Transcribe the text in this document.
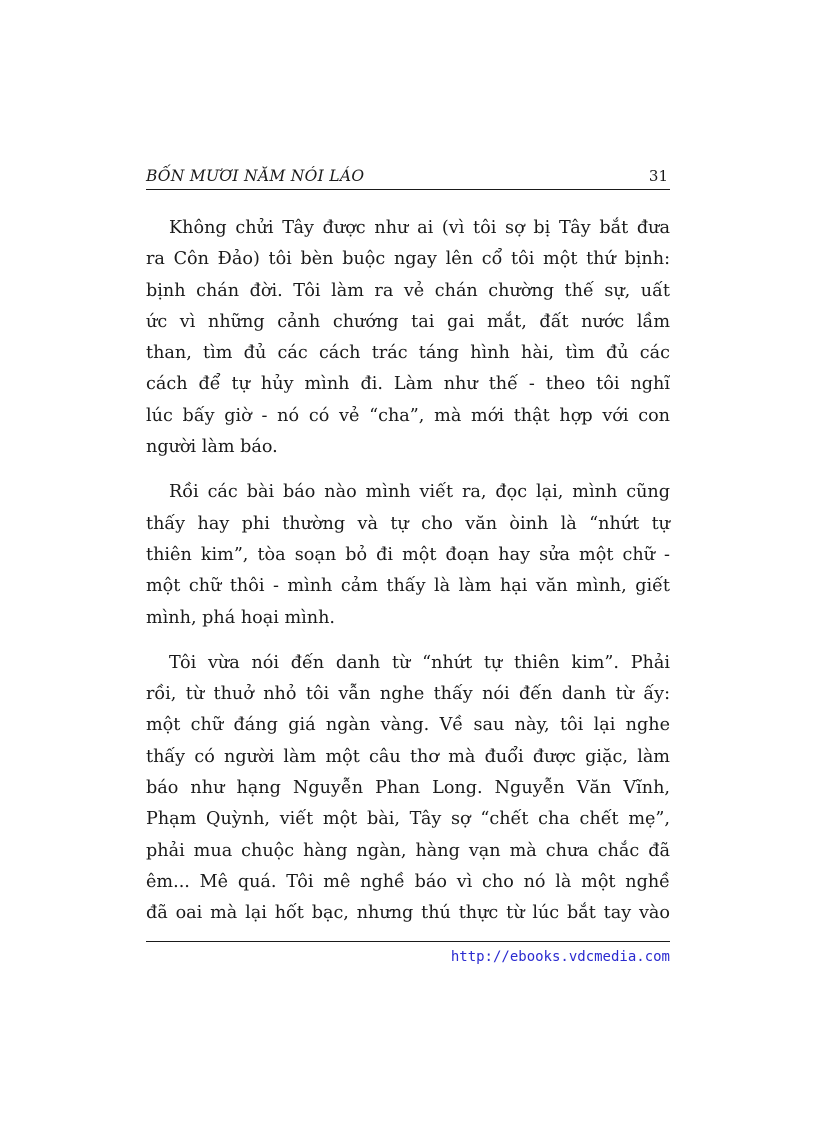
BỐN MƯƠI NĂM NÓI LÁO	31
Không chửi Tây được như ai (vì tôi sợ bị Tây bắt đưa
ra Côn Đảo) tôi bèn buộc ngay lên cổ tôi một thứ bịnh:
bịnh chán đời. Tôi làm ra vẻ chán chường thế sự, uất
ức vì những cảnh chướng tai gai mắt, đất nước lầm
than, tìm đủ các cách trác táng hình hài, tìm đủ các
cách để tự hủy mình đi. Làm như thế - theo tôi nghĩ
lúc bấy giờ - nó có vẻ “cha”, mà mới thật hợp với con
người làm báo.
Rồi các bài báo nào mình viết ra, đọc lại, mình cũng
thấy hay phi thường và tự cho văn òinh là “nhứt tự
thiên kim”, tòa soạn bỏ đi một đoạn hay sửa một chữ -
một chữ thôi - mình cảm thấy là làm hại văn mình, giết
mình, phá hoại mình.
Tôi vừa nói đến danh từ “nhứt tự thiên kim”. Phải
rồi, từ thuở nhỏ tôi vẫn nghe thấy nói đến danh từ ấy:
một chữ đáng giá ngàn vàng. Về sau này, tôi lại nghe
thấy có người làm một câu thơ mà đuổi được giặc, làm
báo như hạng Nguyễn Phan Long. Nguyễn Văn Vĩnh,
Phạm Quỳnh, viết một bài, Tây sợ “chết cha chết mẹ”,
phải mua chuộc hàng ngàn, hàng vạn mà chưa chắc đã
êm... Mê quá. Tôi mê nghề báo vì cho nó là một nghề
đã oai mà lại hốt bạc, nhưng thú thực từ lúc bắt tay vào
http://ebooks.vdcmedia.com
